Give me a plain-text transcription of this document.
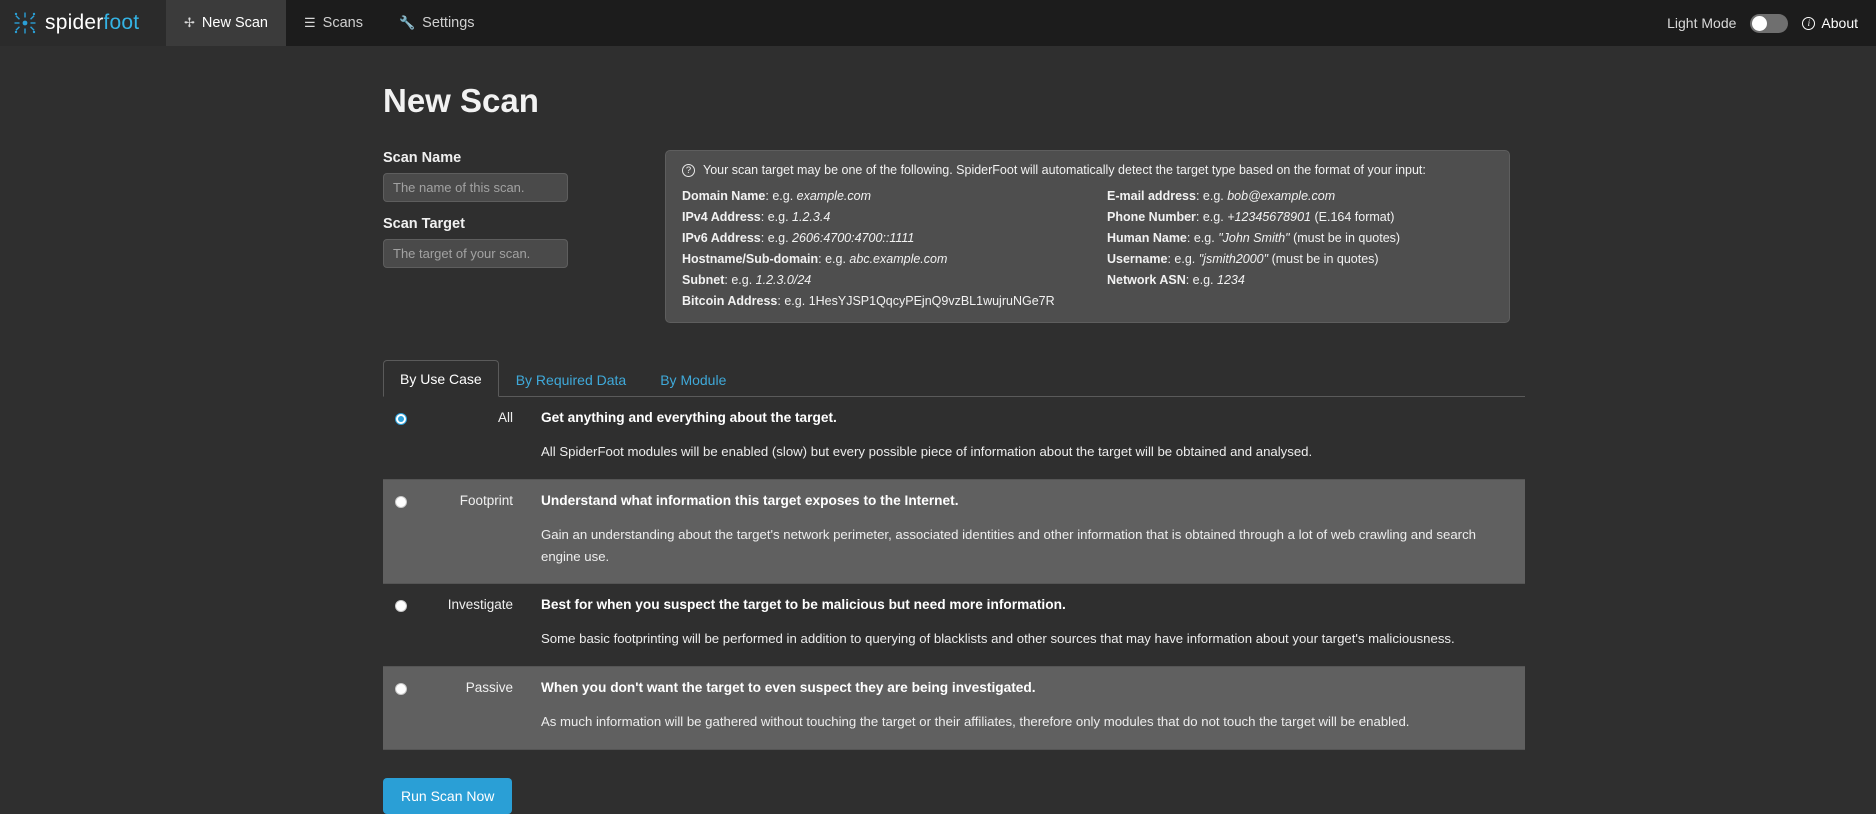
spiderfoot	✢ New Scan	☰ Scans	🔧 Settings	Light Mode	i About
New Scan
Scan Name
The name of this scan.
Scan Target
The target of your scan.
? Your scan target may be one of the following. SpiderFoot will automatically detect the target type based on the format of your input:
Domain Name: e.g. example.com	E-mail address: e.g. bob@example.com
IPv4 Address: e.g. 1.2.3.4	Phone Number: e.g. +12345678901 (E.164 format)
IPv6 Address: e.g. 2606:4700:4700::1111	Human Name: e.g. "John Smith" (must be in quotes)
Hostname/Sub-domain: e.g. abc.example.com	Username: e.g. "jsmith2000" (must be in quotes)
Subnet: e.g. 1.2.3.0/24	Network ASN: e.g. 1234
Bitcoin Address: e.g. 1HesYJSP1QqcyPEjnQ9vzBL1wujruNGe7R
By Use Case	By Required Data	By Module
All	Get anything and everything about the target.
All SpiderFoot modules will be enabled (slow) but every possible piece of information about the target will be obtained and analysed.
Footprint	Understand what information this target exposes to the Internet.
Gain an understanding about the target's network perimeter, associated identities and other information that is obtained through a lot of web crawling and search engine use.
Investigate	Best for when you suspect the target to be malicious but need more information.
Some basic footprinting will be performed in addition to querying of blacklists and other sources that may have information about your target's maliciousness.
Passive	When you don't want the target to even suspect they are being investigated.
As much information will be gathered without touching the target or their affiliates, therefore only modules that do not touch the target will be enabled.
Run Scan Now
